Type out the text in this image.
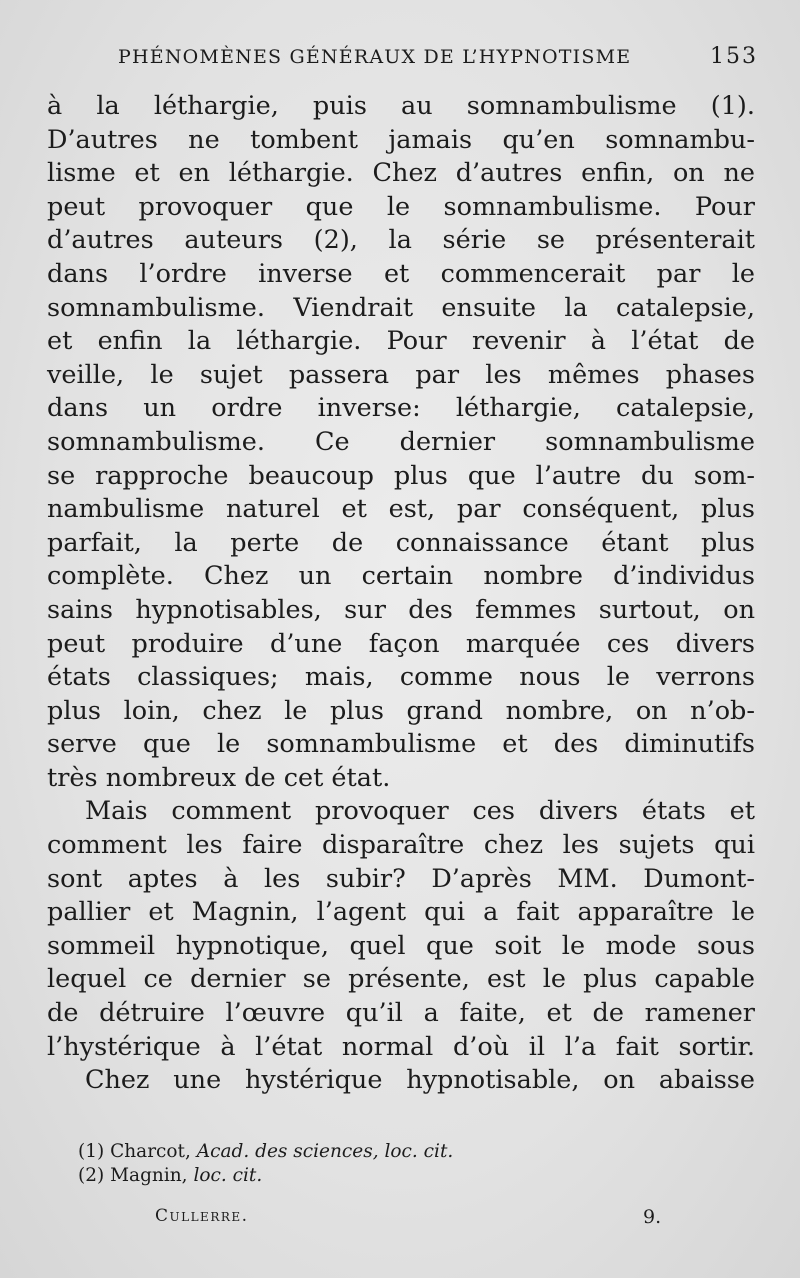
PHÉNOMÈNES GÉNÉRAUX DE L’HYPNOTISME	153
à la léthargie, puis au somnambulisme (1).
D’autres ne tombent jamais qu’en somnambu-
lisme et en léthargie. Chez d’autres enfin, on ne
peut provoquer que le somnambulisme. Pour
d’autres auteurs (2), la série se présenterait
dans l’ordre inverse et commencerait par le
somnambulisme. Viendrait ensuite la catalepsie,
et enfin la léthargie. Pour revenir à l’état de
veille, le sujet passera par les mêmes phases
dans un ordre inverse: léthargie, catalepsie,
somnambulisme. Ce dernier somnambulisme
se rapproche beaucoup plus que l’autre du som-
nambulisme naturel et est, par conséquent, plus
parfait, la perte de connaissance étant plus
complète. Chez un certain nombre d’individus
sains hypnotisables, sur des femmes surtout, on
peut produire d’une façon marquée ces divers
états classiques; mais, comme nous le verrons
plus loin, chez le plus grand nombre, on n’ob-
serve que le somnambulisme et des diminutifs
très nombreux de cet état.
Mais comment provoquer ces divers états et
comment les faire disparaître chez les sujets qui
sont aptes à les subir? D’après MM. Dumont-
pallier et Magnin, l’agent qui a fait apparaître le
sommeil hypnotique, quel que soit le mode sous
lequel ce dernier se présente, est le plus capable
de détruire l’œuvre qu’il a faite, et de ramener
l’hystérique à l’état normal d’où il l’a fait sortir.
Chez une hystérique hypnotisable, on abaisse
(1) Charcot, Acad. des sciences, loc. cit.
(2) Magnin, loc. cit.
Cullerre.	9.
